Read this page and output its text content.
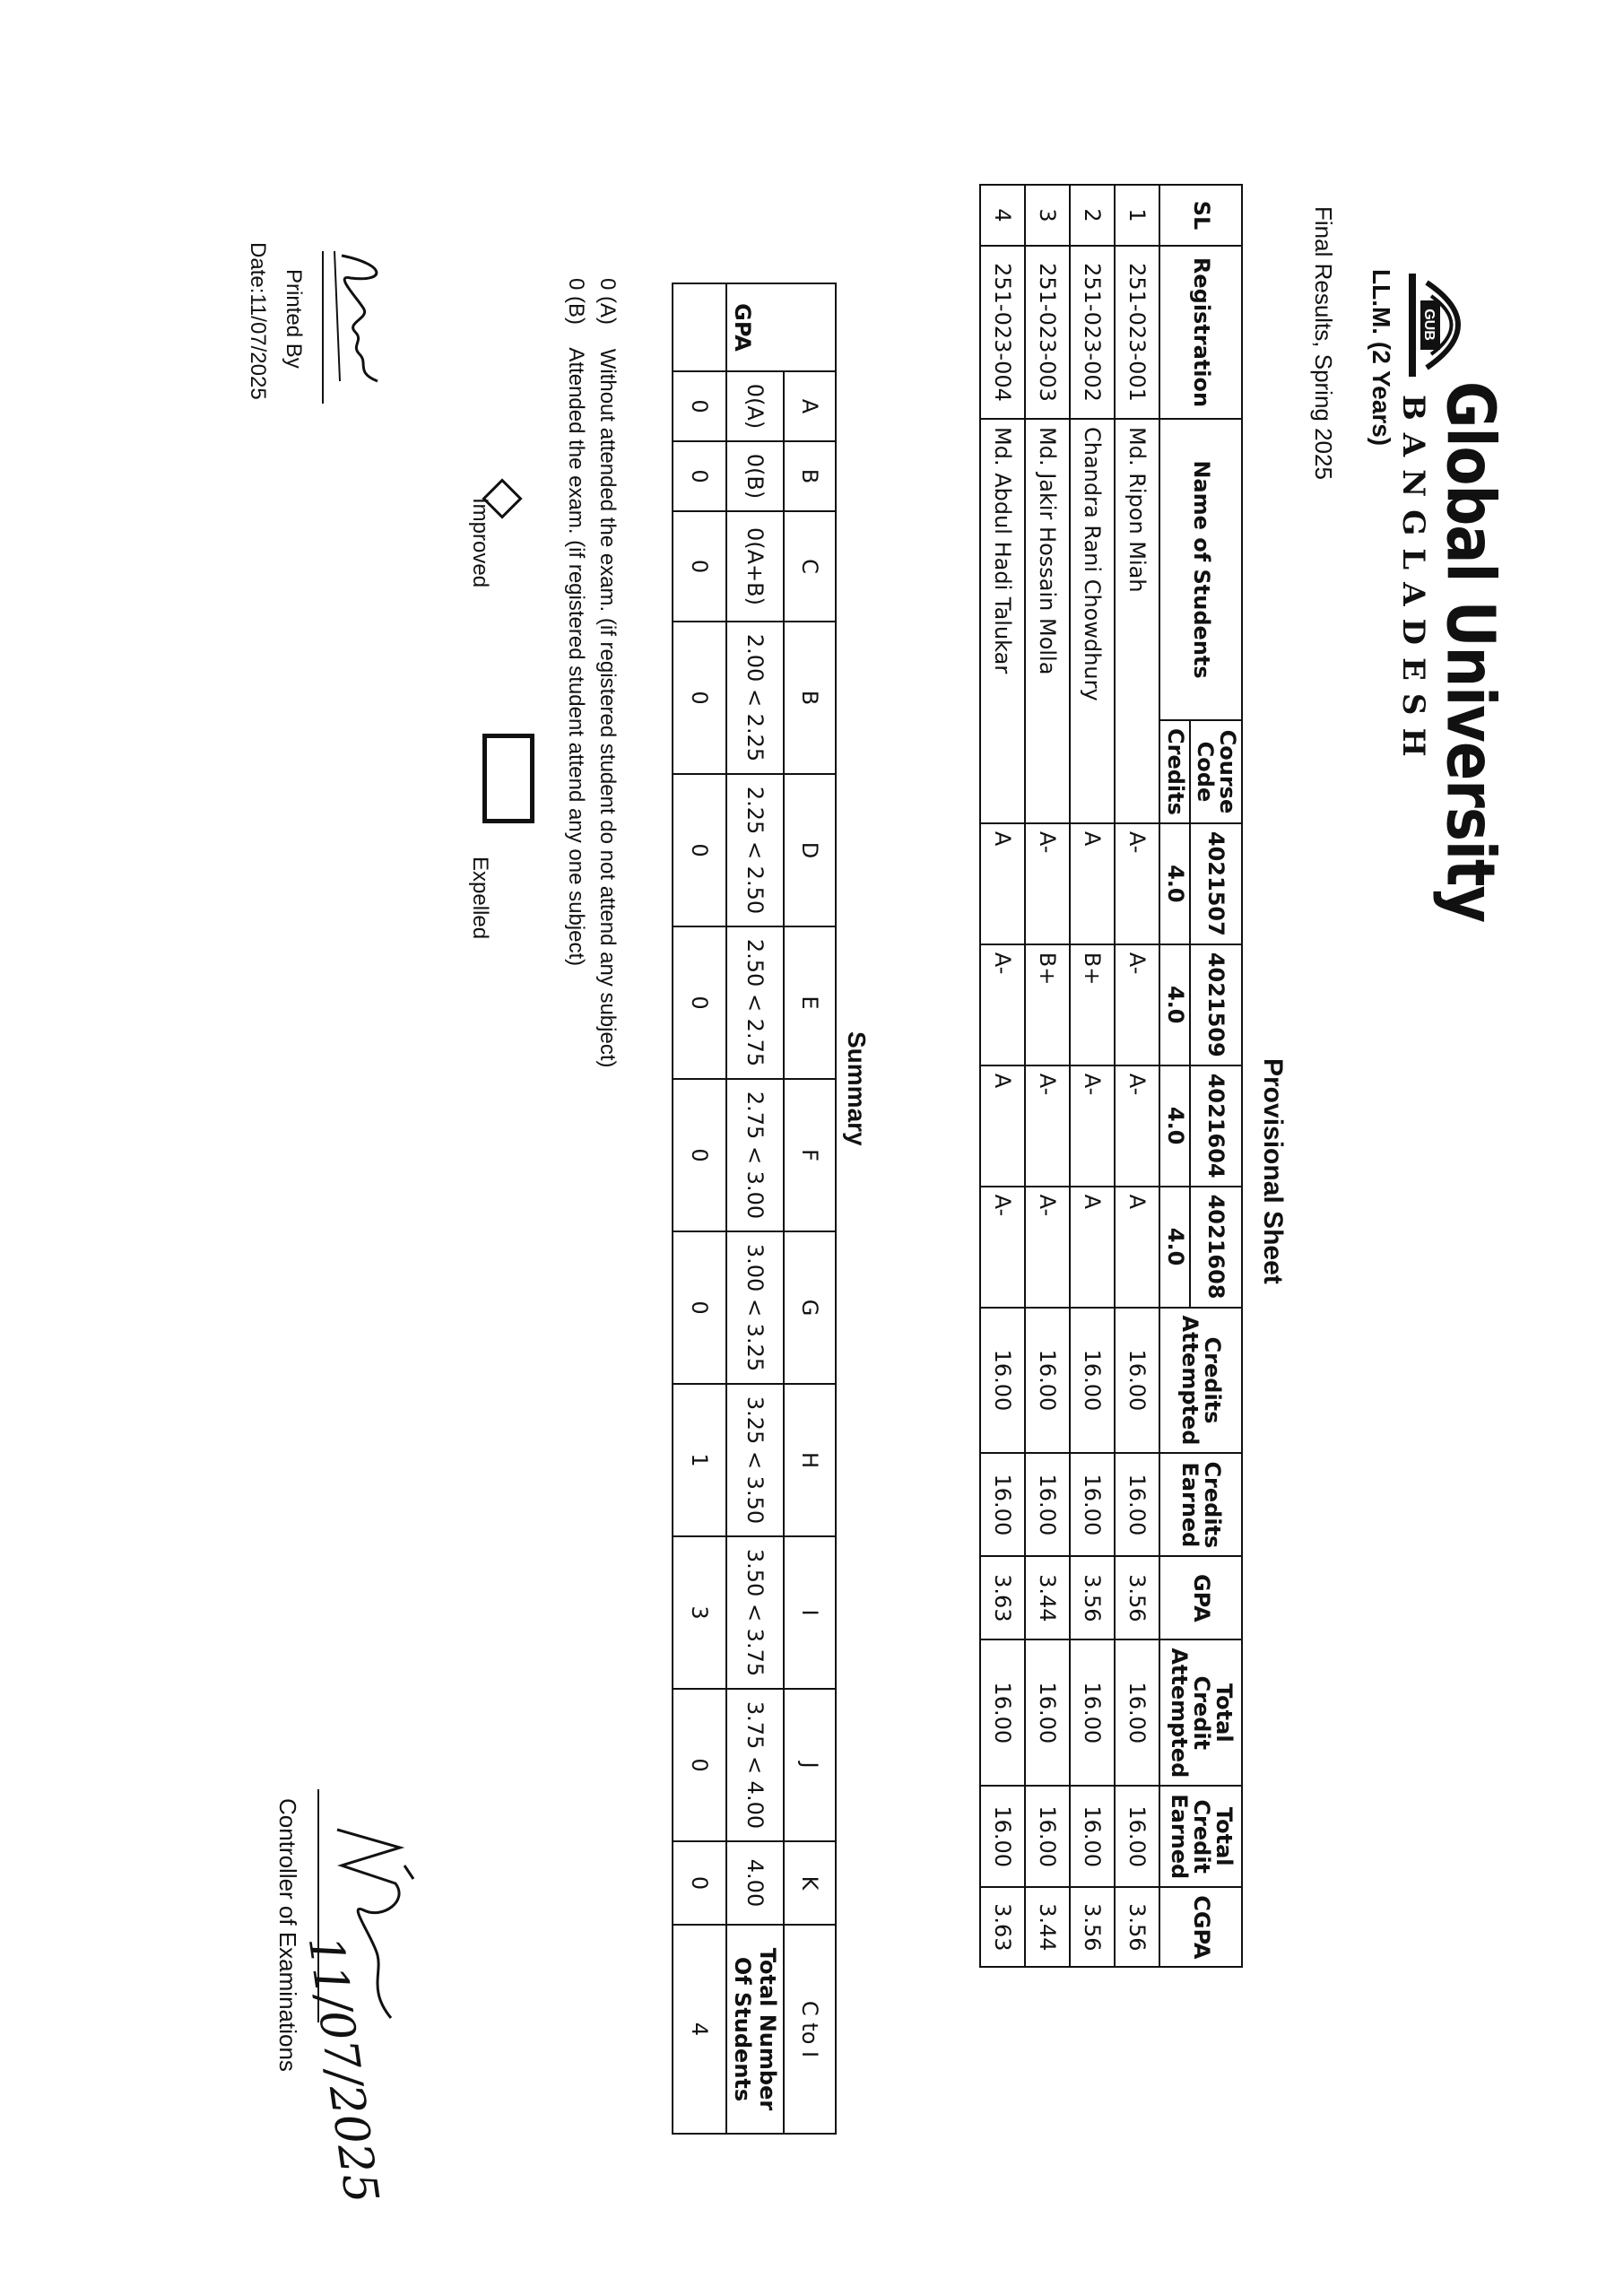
GUB
Global University
BANGLADESH
LL.M. (2 Years)
Final Results, Spring 2025
Provisional Sheet
SL	Registration	Name of Students	Course Code	4021507	4021509	4021604	4021608	Credits Attempted	Credits Earned	GPA	Total Credit Attempted	Total Credit Earned	CGPA
			Credits	4.0	4.0	4.0	4.0						
1	251-023-001	Md. Ripon Miah		A-	A-	A-	A	16.00	16.00	3.56	16.00	16.00	3.56
2	251-023-002	Chandra Rani Chowdhury		A	B+	A-	A	16.00	16.00	3.56	16.00	16.00	3.56
3	251-023-003	Md. Jakir Hossain Molla		A-	B+	A-	A-	16.00	16.00	3.44	16.00	16.00	3.44
4	251-023-004	Md. Abdul Hadi Talukar		A	A-	A	A-	16.00	16.00	3.63	16.00	16.00	3.63
Summary
GPA	A	B	C	B	D	E	F	G	H	I	J	K	C to I
	0(A)	0(B)	0(A+B)	2.00 < 2.25	2.25 < 2.50	2.50 < 2.75	2.75 < 3.00	3.00 < 3.25	3.25 < 3.50	3.50 < 3.75	3.75 < 4.00	4.00	Total Number Of Students
	0	0	0	0	0	0	0	0	1	3	0	0	4
0 (A)    Without attended the exam. (if registered student do not attend any subject)
0 (B)    Attended the exam. (if registered student attend any one subject)
Improved
Expelled
Printed By
Date:11/07/2025
11/07/2025
Controller of Examinations
